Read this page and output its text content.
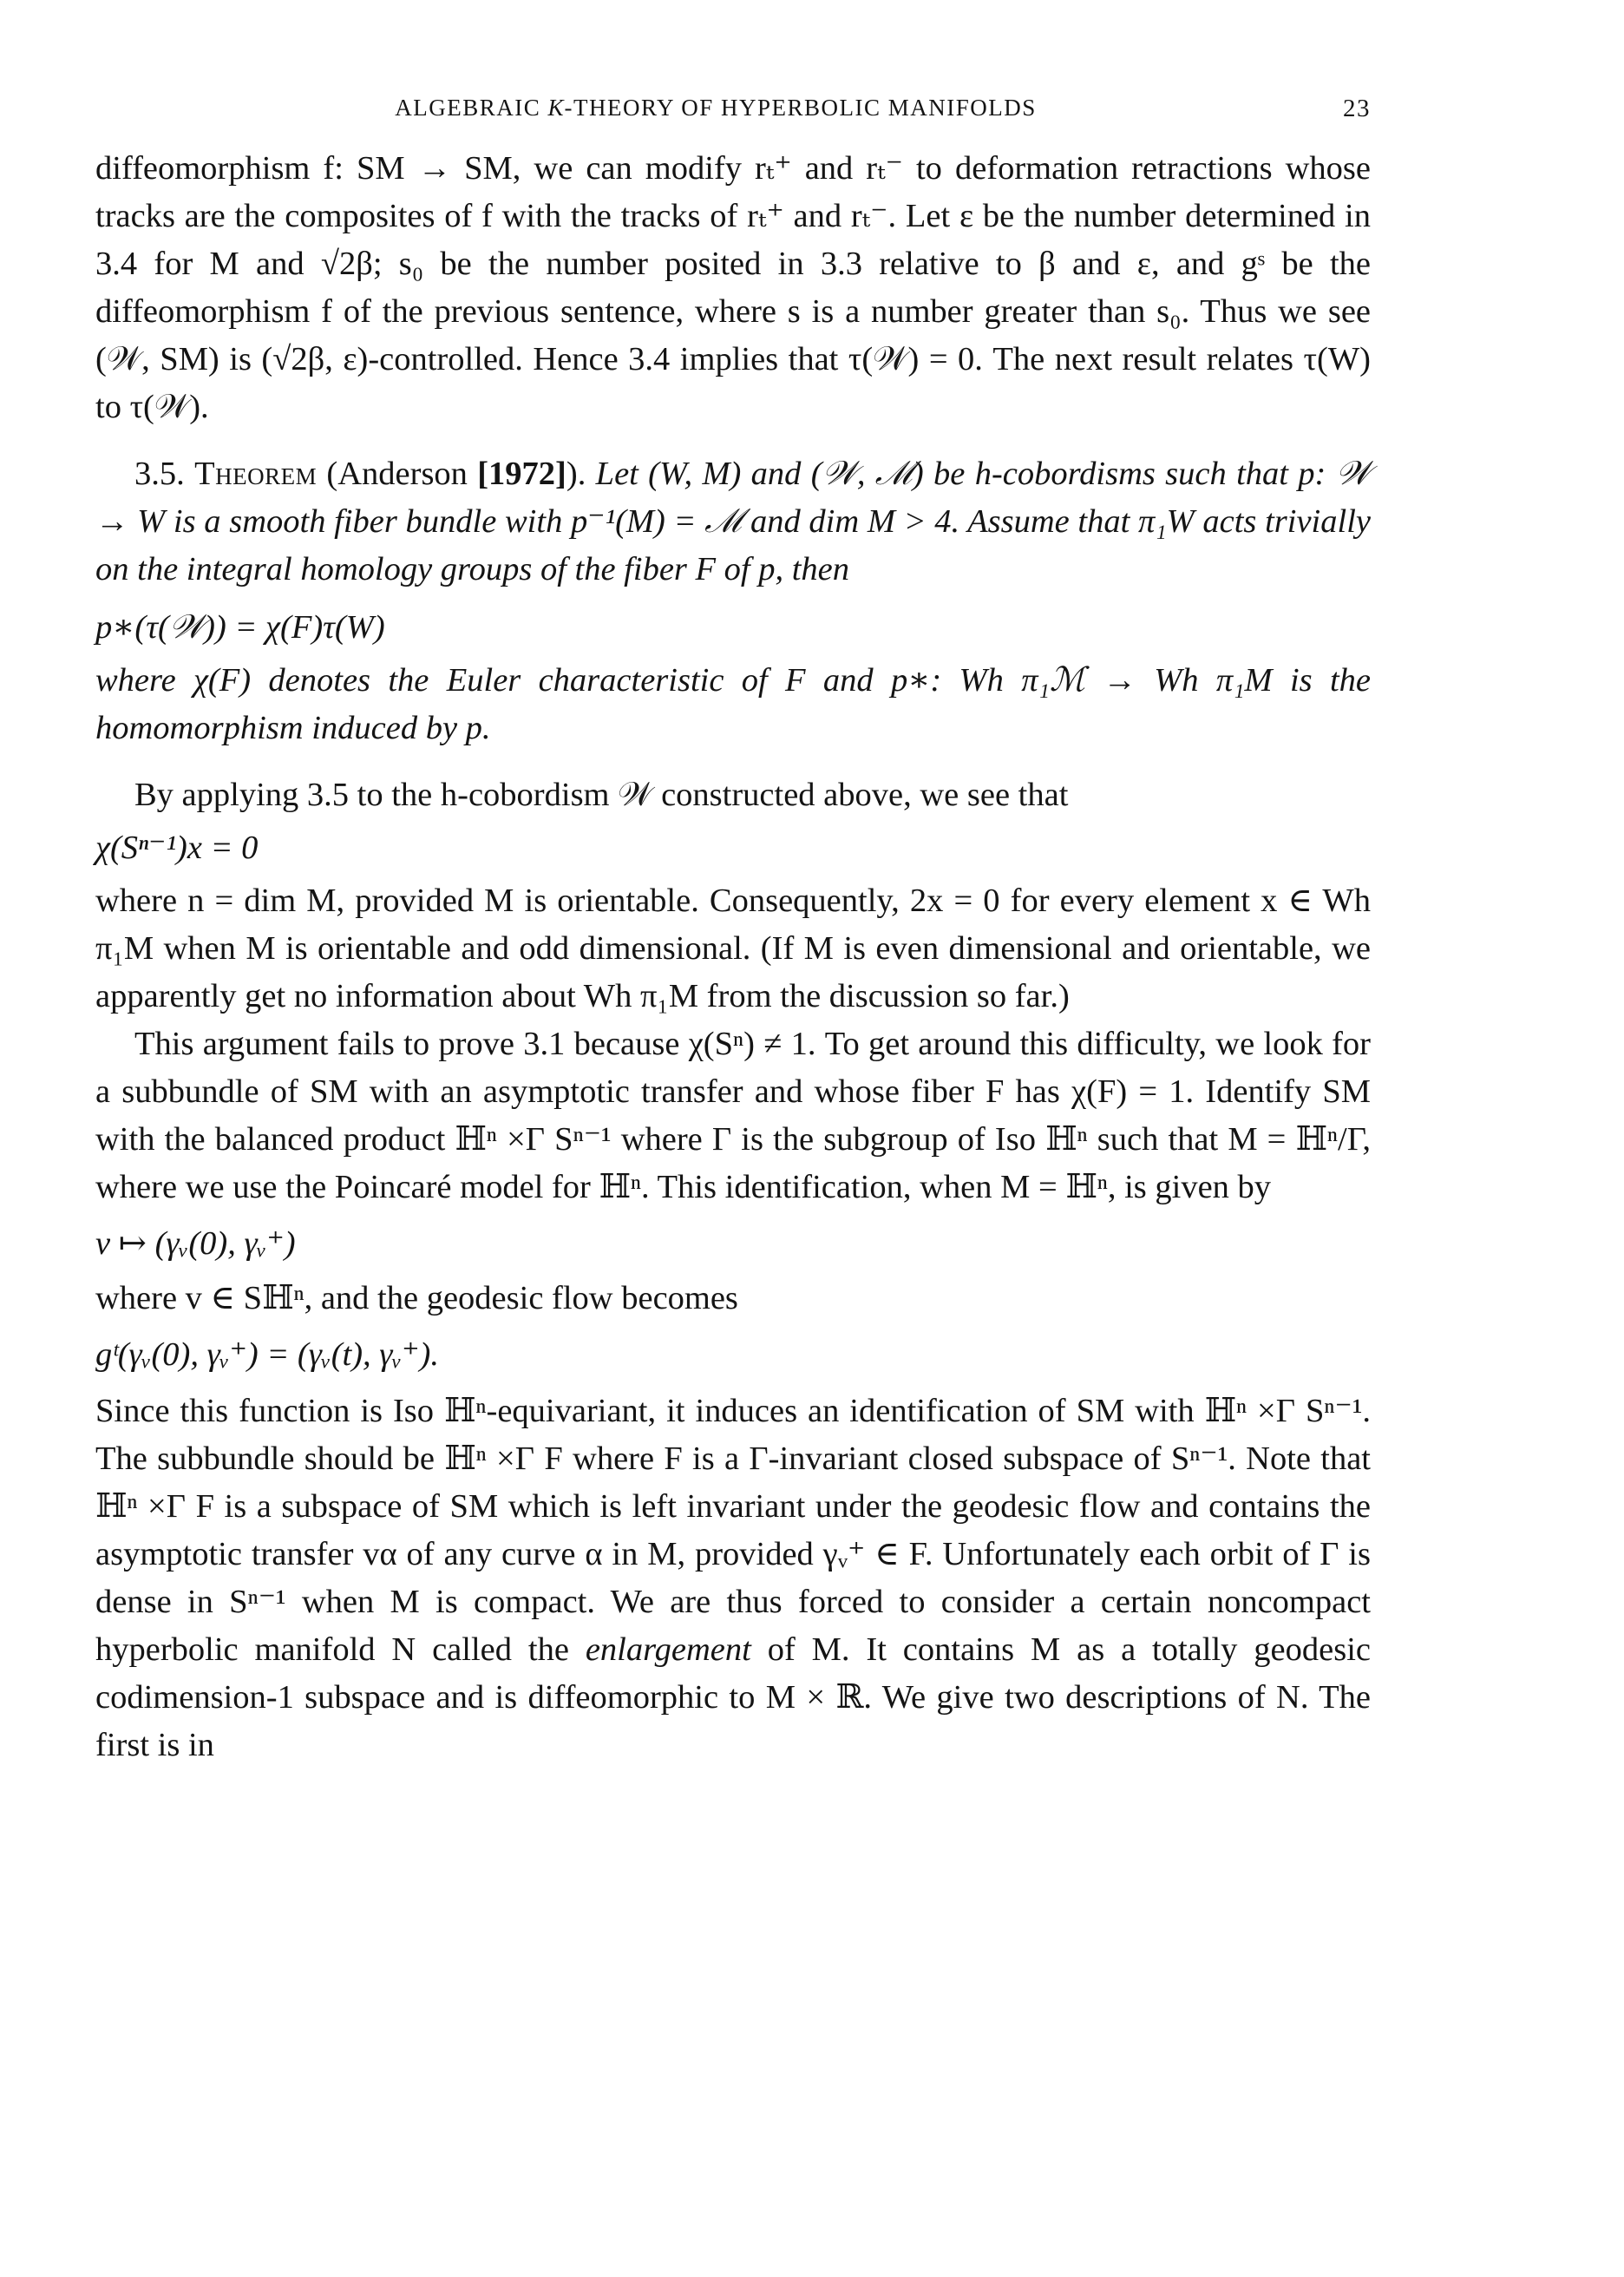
ALGEBRAIC K-THEORY OF HYPERBOLIC MANIFOLDS	23

diffeomorphism f: SM → SM, we can modify rₜ⁺ and rₜ⁻ to deformation retractions whose tracks are the composites of f with the tracks of rₜ⁺ and rₜ⁻. Let ε be the number determined in 3.4 for M and √2β; s₀ be the number posited in 3.3 relative to β and ε, and gˢ be the diffeomorphism f of the previous sentence, where s is a number greater than s₀. Thus we see (𝒲, SM) is (√2β, ε)-controlled. Hence 3.4 implies that τ(𝒲) = 0. The next result relates τ(W) to τ(𝒲).

3.5. Theorem (Anderson [1972]). Let (W, M) and (𝒲, ℳ) be h-cobordisms such that p: 𝒲 → W is a smooth fiber bundle with p⁻¹(M) = ℳ and dim M > 4. Assume that π₁W acts trivially on the integral homology groups of the fiber F of p, then

p∗(τ(𝒲)) = χ(F)τ(W)

where χ(F) denotes the Euler characteristic of F and p∗: Wh π₁ℳ → Wh π₁M is the homomorphism induced by p.

By applying 3.5 to the h-cobordism 𝒲 constructed above, we see that

χ(Sⁿ⁻¹)x = 0

where n = dim M, provided M is orientable. Consequently, 2x = 0 for every element x ∈ Wh π₁M when M is orientable and odd dimensional. (If M is even dimensional and orientable, we apparently get no information about Wh π₁M from the discussion so far.)

This argument fails to prove 3.1 because χ(Sⁿ) ≠ 1. To get around this difficulty, we look for a subbundle of SM with an asymptotic transfer and whose fiber F has χ(F) = 1. Identify SM with the balanced product ℍⁿ ×Γ Sⁿ⁻¹ where Γ is the subgroup of Iso ℍⁿ such that M = ℍⁿ/Γ, where we use the Poincaré model for ℍⁿ. This identification, when M = ℍⁿ, is given by

v ↦ (γᵥ(0), γᵥ⁺)

where v ∈ Sℍⁿ, and the geodesic flow becomes

gᵗ(γᵥ(0), γᵥ⁺) = (γᵥ(t), γᵥ⁺).

Since this function is Iso ℍⁿ-equivariant, it induces an identification of SM with ℍⁿ ×Γ Sⁿ⁻¹. The subbundle should be ℍⁿ ×Γ F where F is a Γ-invariant closed subspace of Sⁿ⁻¹. Note that ℍⁿ ×Γ F is a subspace of SM which is left invariant under the geodesic flow and contains the asymptotic transfer vα of any curve α in M, provided γᵥ⁺ ∈ F. Unfortunately each orbit of Γ is dense in Sⁿ⁻¹ when M is compact. We are thus forced to consider a certain noncompact hyperbolic manifold N called the enlargement of M. It contains M as a totally geodesic codimension-1 subspace and is diffeomorphic to M × ℝ. We give two descriptions of N. The first is in
